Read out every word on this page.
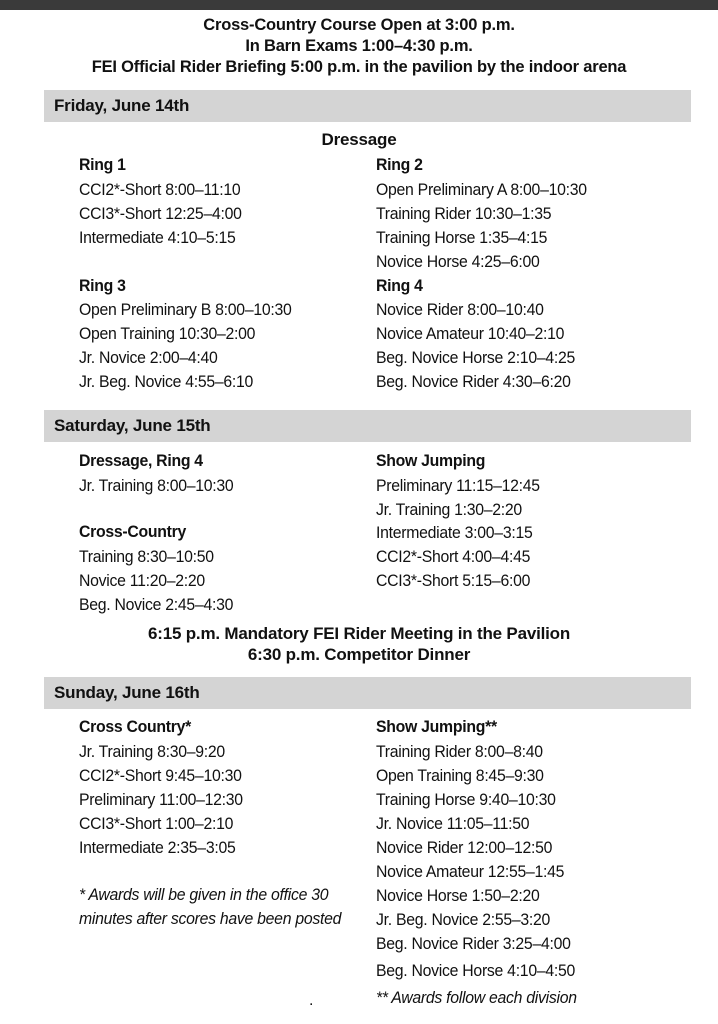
Cross-Country Course Open at 3:00 p.m.
In Barn Exams 1:00–4:30 p.m.
FEI Official Rider Briefing 5:00 p.m. in the pavilion by the indoor arena
Friday, June 14th
Dressage
Ring 1
CCI2*-Short 8:00–11:10
CCI3*-Short 12:25–4:00
Intermediate 4:10–5:15
Ring 2
Open Preliminary A 8:00–10:30
Training Rider 10:30–1:35
Training Horse 1:35–4:15
Novice Horse 4:25–6:00
Ring 3
Open Preliminary B 8:00–10:30
Open Training 10:30–2:00
Jr. Novice 2:00–4:40
Jr. Beg. Novice 4:55–6:10
Ring 4
Novice Rider 8:00–10:40
Novice Amateur 10:40–2:10
Beg. Novice Horse 2:10–4:25
Beg. Novice Rider 4:30–6:20
Saturday, June 15th
Dressage, Ring 4
Jr. Training 8:00–10:30
Cross-Country
Training 8:30–10:50
Novice 11:20–2:20
Beg. Novice 2:45–4:30
Show Jumping
Preliminary 11:15–12:45
Jr. Training 1:30–2:20
Intermediate 3:00–3:15
CCI2*-Short 4:00–4:45
CCI3*-Short 5:15–6:00
6:15 p.m. Mandatory FEI Rider Meeting in the Pavilion
6:30 p.m. Competitor Dinner
Sunday, June 16th
Cross Country*
Jr. Training 8:30–9:20
CCI2*-Short 9:45–10:30
Preliminary 11:00–12:30
CCI3*-Short 1:00–2:10
Intermediate 2:35–3:05
* Awards will be given in the office 30
minutes after scores have been posted
Show Jumping**
Training Rider 8:00–8:40
Open Training 8:45–9:30
Training Horse 9:40–10:30
Jr. Novice 11:05–11:50
Novice Rider 12:00–12:50
Novice Amateur 12:55–1:45
Novice Horse 1:50–2:20
Jr. Beg. Novice 2:55–3:20
Beg. Novice Rider 3:25–4:00
Beg. Novice Horse 4:10–4:50
** Awards follow each division
.
